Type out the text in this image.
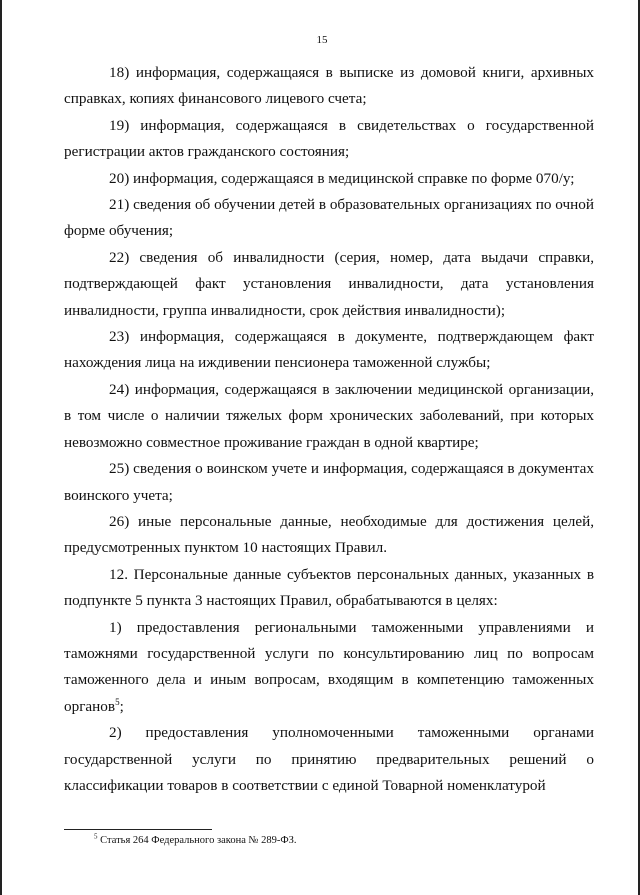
15

18) информация, содержащаяся в выписке из домовой книги, архивных справках, копиях финансового лицевого счета;

19) информация, содержащаяся в свидетельствах о государственной регистрации актов гражданского состояния;

20) информация, содержащаяся в медицинской справке по форме 070/у;

21) сведения об обучении детей в образовательных организациях по очной форме обучения;

22) сведения об инвалидности (серия, номер, дата выдачи справки, подтверждающей факт установления инвалидности, дата установления инвалидности, группа инвалидности, срок действия инвалидности);

23) информация, содержащаяся в документе, подтверждающем факт нахождения лица на иждивении пенсионера таможенной службы;

24) информация, содержащаяся в заключении медицинской организации, в том числе о наличии тяжелых форм хронических заболеваний, при которых невозможно совместное проживание граждан в одной квартире;

25) сведения о воинском учете и информация, содержащаяся в документах воинского учета;

26) иные персональные данные, необходимые для достижения целей, предусмотренных пунктом 10 настоящих Правил.

12. Персональные данные субъектов персональных данных, указанных в подпункте 5 пункта 3 настоящих Правил, обрабатываются в целях:

1) предоставления региональными таможенными управлениями и таможнями государственной услуги по консультированию лиц по вопросам таможенного дела и иным вопросам, входящим в компетенцию таможенных органов$^5$;

2) предоставления уполномоченными таможенными органами государственной услуги по принятию предварительных решений о классификации товаров в соответствии с единой Товарной номенклатурой

$^5$ Статья 264 Федерального закона № 289-ФЗ.
